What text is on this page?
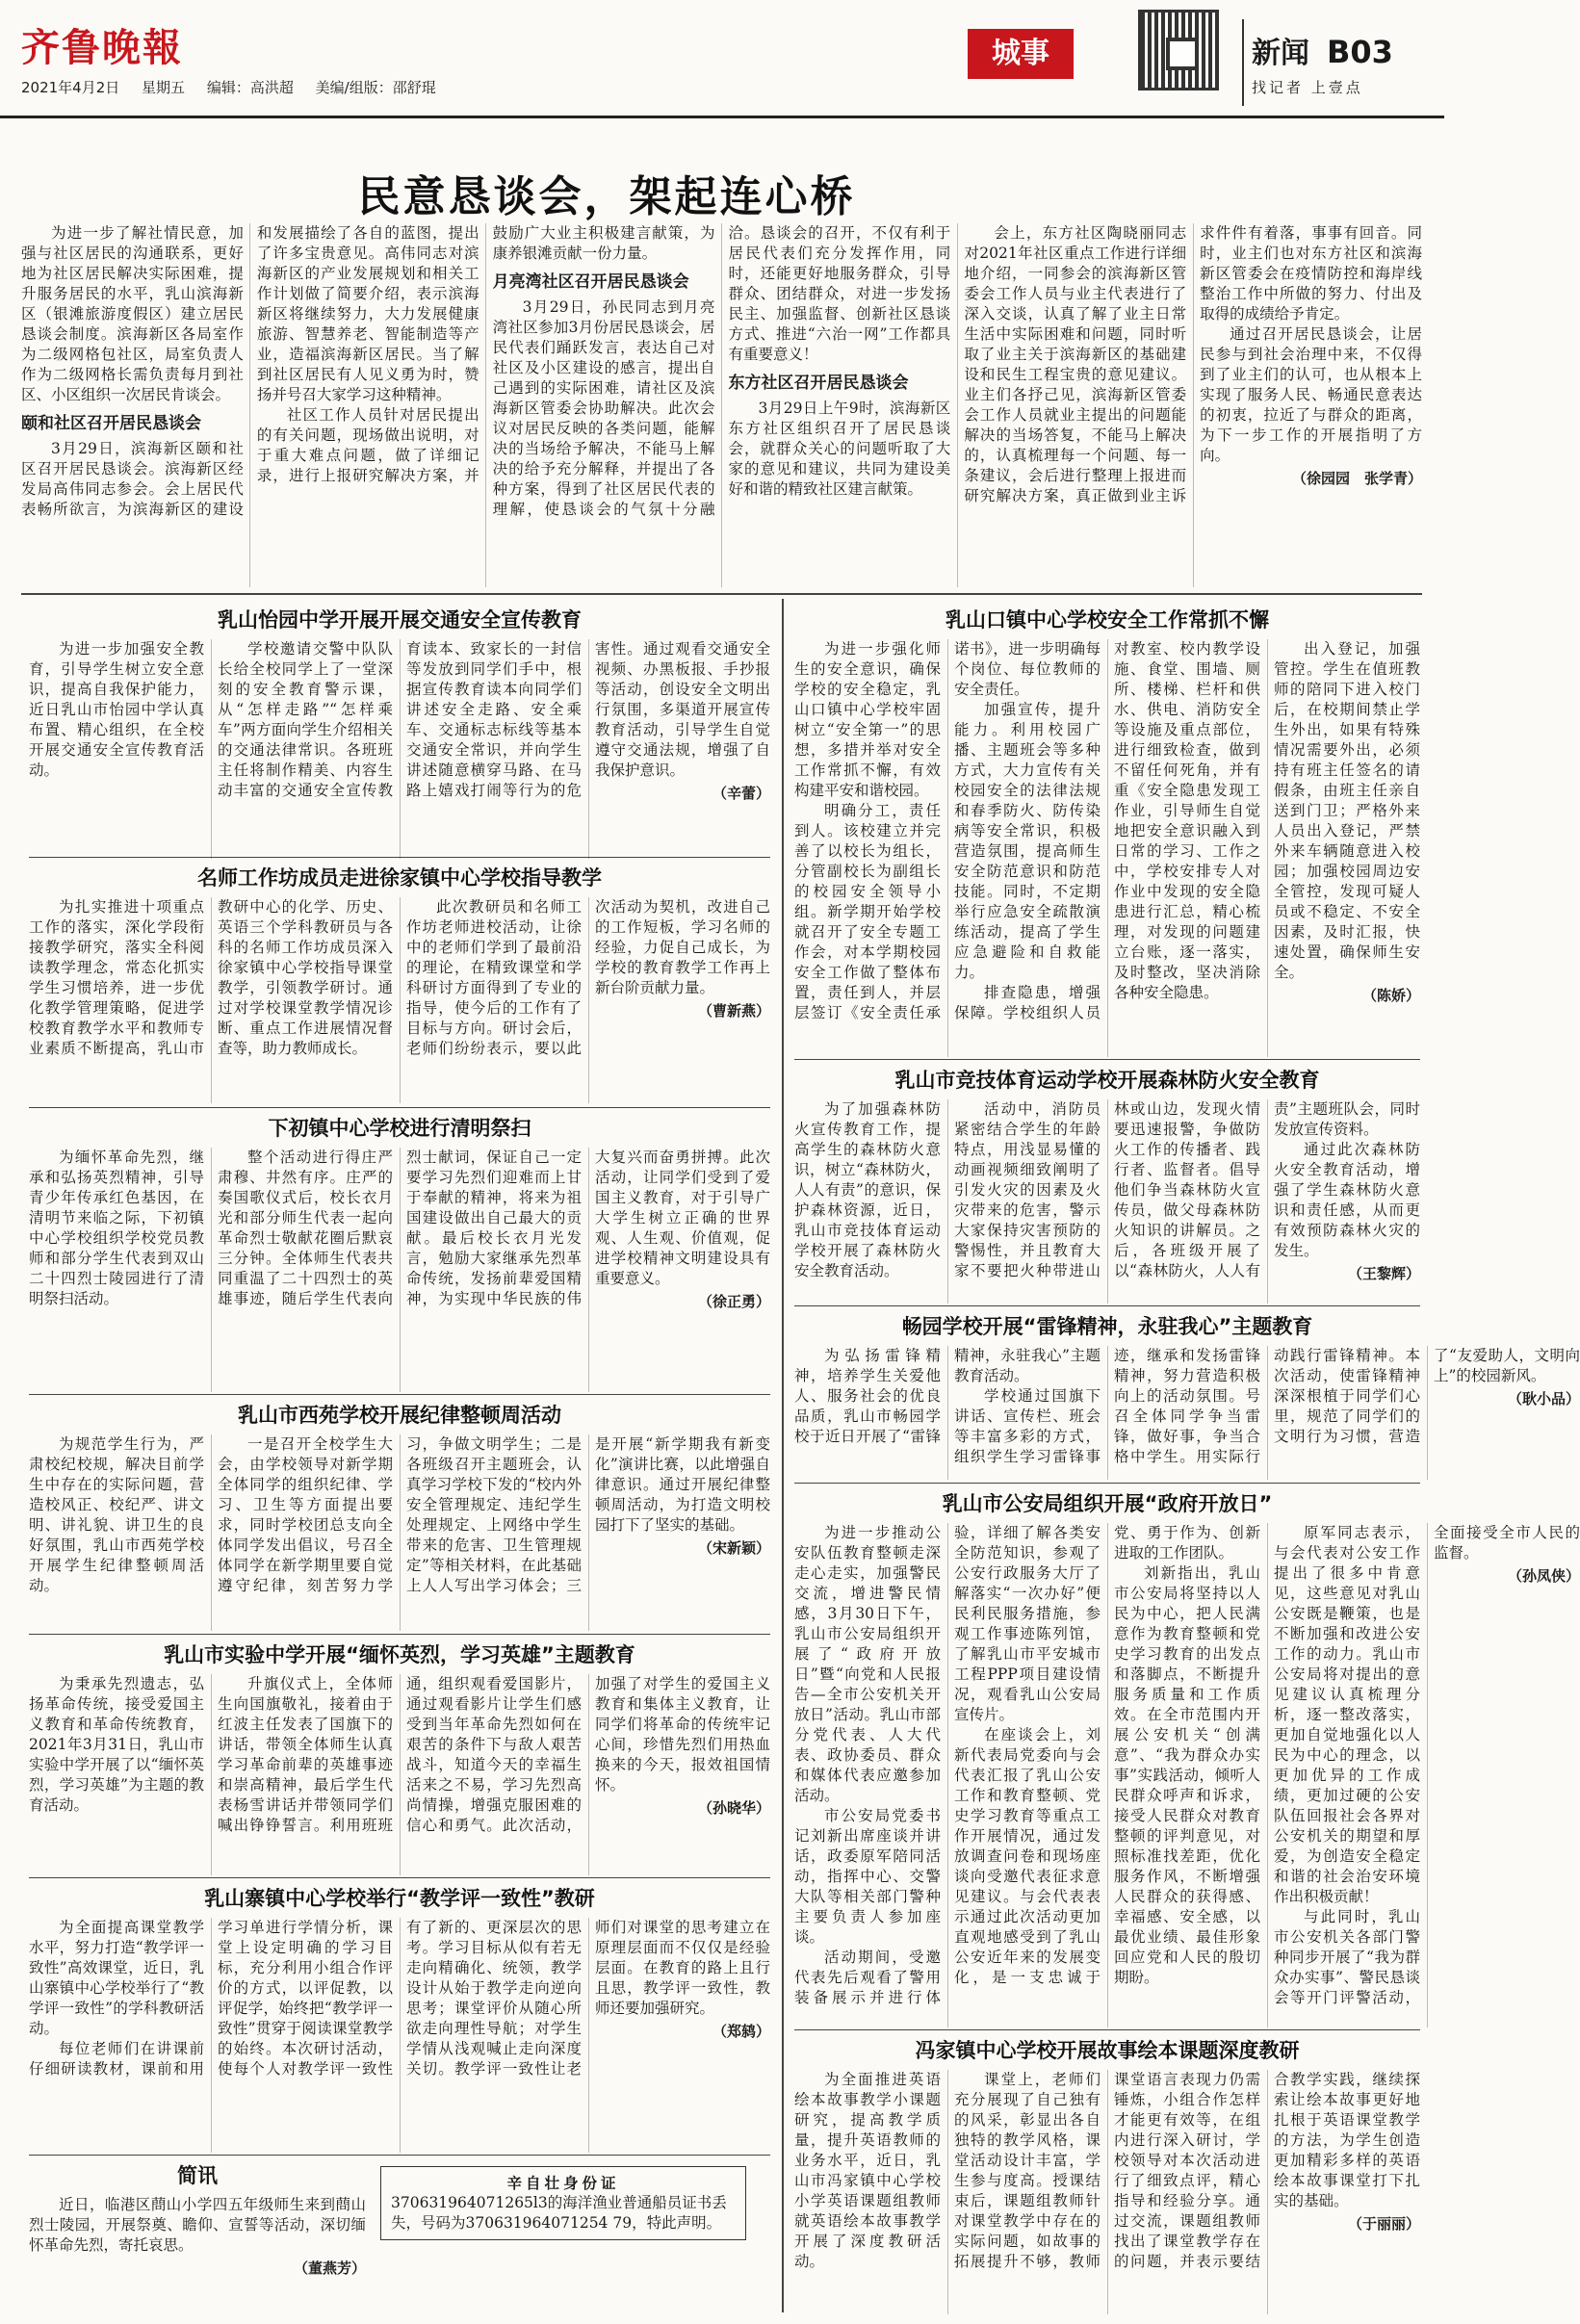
齐鲁晚報
2021年4月2日 星期五 编辑：高洪超 美编/组版：邵舒琨
城事	新闻 B03
找记者 上壹点
民意恳谈会，架起连心桥

为进一步了解社情民意，加强与社区居民的沟通联系，更好地为社区居民解决实际困难，提升服务居民的水平，乳山滨海新区（银滩旅游度假区）建立居民恳谈会制度。滨海新区各局室作为二级网格包社区，局室负责人作为二级网格长需负责每月到社区、小区组织一次居民肯谈会。

颐和社区召开居民恳谈会

3月29日，滨海新区颐和社区召开居民恳谈会。滨海新区经发局高伟同志参会。会上居民代表畅所欲言，为滨海新区的建设和发展描绘了各自的蓝图，提出了许多宝贵意见。高伟同志对滨海新区的产业发展规划和相关工作计划做了简要介绍，表示滨海新区将继续努力，大力发展健康旅游、智慧养老、智能制造等产业，造福滨海新区居民。当了解到社区居民有人见义勇为时，赞扬并号召大家学习这种精神。

社区工作人员针对居民提出的有关问题，现场做出说明，对于重大难点问题，做了详细记录，进行上报研究解决方案，并鼓励广大业主积极建言献策，为康养银滩贡献一份力量。

月亮湾社区召开居民恳谈会

3月29日，孙民同志到月亮湾社区参加3月份居民恳谈会，居民代表们踊跃发言，表达自己对社区及小区建设的感言，提出自己遇到的实际困难，请社区及滨海新区管委会协助解决。此次会议对居民反映的各类问题，能解决的当场给予解决，不能马上解决的给予充分解释，并提出了各种方案，得到了社区居民代表的理解，使恳谈会的气氛十分融洽。恳谈会的召开，不仅有利于居民代表们充分发挥作用，同时，还能更好地服务群众，引导群众、团结群众，对进一步发扬民主、加强监督、创新社区恳谈方式、推进“六治一网”工作都具有重要意义！

东方社区召开居民恳谈会

3月29日上午9时，滨海新区东方社区组织召开了居民恳谈会，就群众关心的问题听取了大家的意见和建议，共同为建设美好和谐的精致社区建言献策。

会上，东方社区陶晓丽同志对2021年社区重点工作进行详细地介绍，一同参会的滨海新区管委会工作人员与业主代表进行了深入交谈，认真了解了业主日常生活中实际困难和问题，同时听取了业主关于滨海新区的基础建设和民生工程宝贵的意见建议。业主们各抒己见，滨海新区管委会工作人员就业主提出的问题能解决的当场答复，不能马上解决的，认真梳理每一个问题、每一条建议，会后进行整理上报进而研究解决方案，真正做到业主诉求件件有着落，事事有回音。同时，业主们也对东方社区和滨海新区管委会在疫情防控和海岸线整治工作中所做的努力、付出及取得的成绩给予肯定。

通过召开居民恳谈会，让居民参与到社会治理中来，不仅得到了业主们的认可，也从根本上实现了服务人民、畅通民意表达的初衷，拉近了与群众的距离，为下一步工作的开展指明了方向。

（徐园园　张学青）
乳山怡园中学开展开展交通安全宣传教育

为进一步加强安全教育，引导学生树立安全意识，提高自我保护能力，近日乳山市怡园中学认真布置、精心组织，在全校开展交通安全宣传教育活动。

学校邀请交警中队队长给全校同学上了一堂深刻的安全教育警示课，从“怎样走路”“怎样乘车”两方面向学生介绍相关的交通法律常识。各班班主任将制作精美、内容生动丰富的交通安全宣传教育读本、致家长的一封信等发放到同学们手中，根据宣传教育读本向同学们讲述安全走路、安全乘车、交通标志标线等基本交通安全常识，并向学生讲述随意横穿马路、在马路上嬉戏打闹等行为的危害性。通过观看交通安全视频、办黑板报、手抄报等活动，创设安全文明出行氛围，多渠道开展宣传教育活动，引导学生自觉遵守交通法规，增强了自我保护意识。

（辛蕾）
名师工作坊成员走进徐家镇中心学校指导教学

为扎实推进十项重点工作的落实，深化学段衔接教学研究，落实全科阅读教学理念，常态化抓实学生习惯培养，进一步优化教学管理策略，促进学校教育教学水平和教师专业素质不断提高，乳山市教研中心的化学、历史、英语三个学科教研员与各科的名师工作坊成员深入徐家镇中心学校指导课堂教学，引领教学研讨。通过对学校课堂教学情况诊断、重点工作进展情况督查等，助力教师成长。

此次教研员和名师工作坊老师进校活动，让徐中的老师们学到了最前沿的理论，在精致课堂和学科研讨方面得到了专业的指导，使今后的工作有了目标与方向。研讨会后，老师们纷纷表示，要以此次活动为契机，改进自己的工作短板，学习名师的经验，力促自己成长，为学校的教育教学工作再上新台阶贡献力量。

（曹新燕）
下初镇中心学校进行清明祭扫

为缅怀革命先烈，继承和弘扬英烈精神，引导青少年传承红色基因，在清明节来临之际，下初镇中心学校组织学校党员教师和部分学生代表到双山二十四烈士陵园进行了清明祭扫活动。

整个活动进行得庄严肃穆、井然有序。庄严的奏国歌仪式后，校长衣月光和部分师生代表一起向革命烈士敬献花圈后默哀三分钟。全体师生代表共同重温了二十四烈士的英雄事迹，随后学生代表向烈士献词，保证自己一定要学习先烈们迎难而上甘于奉献的精神，将来为祖国建设做出自己最大的贡献。最后校长衣月光发言，勉励大家继承先烈革命传统，发扬前辈爱国精神，为实现中华民族的伟大复兴而奋勇拼搏。此次活动，让同学们受到了爱国主义教育，对于引导广大学生树立正确的世界观、人生观、价值观，促进学校精神文明建设具有重要意义。

（徐正勇）
乳山市西苑学校开展纪律整顿周活动

为规范学生行为，严肃校纪校规，解决目前学生中存在的实际问题，营造校风正、校纪严、讲文明、讲礼貌、讲卫生的良好氛围，乳山市西苑学校开展学生纪律整顿周活动。

一是召开全校学生大会，由学校领导对新学期全体同学的组织纪律、学习、卫生等方面提出要求，同时学校团总支向全体同学发出倡议，号召全体同学在新学期里要自觉遵守纪律，刻苦努力学习，争做文明学生；二是各班级召开主题班会，认真学习学校下发的“校内外安全管理规定、违纪学生处理规定、上网络中学生带来的危害、卫生管理规定”等相关材料，在此基础上人人写出学习体会；三是开展“新学期我有新变化”演讲比赛，以此增强自律意识。通过开展纪律整顿周活动，为打造文明校园打下了坚实的基础。

（宋新颖）
乳山市实验中学开展“缅怀英烈，学习英雄”主题教育

为秉承先烈遗志，弘扬革命传统，接受爱国主义教育和革命传统教育，2021年3月31日，乳山市实验中学开展了以“缅怀英烈，学习英雄”为主题的教育活动。

升旗仪式上，全体师生向国旗敬礼，接着由于红波主任发表了国旗下的讲话，带领全体师生认真学习革命前辈的英雄事迹和崇高精神，最后学生代表杨雪讲话并带领同学们喊出铮铮誓言。利用班班通，组织观看爱国影片，通过观看影片让学生们感受到当年革命先烈如何在艰苦的条件下与敌人艰苦战斗，知道今天的幸福生活来之不易，学习先烈高尚情操，增强克服困难的信心和勇气。此次活动，加强了对学生的爱国主义教育和集体主义教育，让同学们将革命的传统牢记心间，珍惜先烈们用热血换来的今天，报效祖国情怀。

（孙晓华）
乳山寨镇中心学校举行“教学评一致性”教研

为全面提高课堂教学水平，努力打造“教学评一致性”高效课堂，近日，乳山寨镇中心学校举行了“教学评一致性”的学科教研活动。

每位老师们在讲课前仔细研读教材，课前和用学习单进行学情分析，课堂上设定明确的学习目标，充分利用小组合作评价的方式，以评促教，以评促学，始终把“教学评一致性”贯穿于阅读课堂教学的始终。本次研讨活动，使每个人对教学评一致性有了新的、更深层次的思考。学习目标从似有若无走向精确化、统领，教学设计从始于教学走向逆向思考；课堂评价从随心所欲走向理性导航；对学生学情从浅观喊止走向深度关切。教学评一致性让老师们对课堂的思考建立在原理层面而不仅仅是经验层面。在教育的路上且行且思，教学评一致性，教师还要加强研究。

（郑鸫）
简讯
近日，临港区蔄山小学四五年级师生来到蔄山烈士陵园，开展祭奠、瞻仰、宣誓等活动，深切缅怀革命先烈，寄托哀思。
（董燕芳）
辛自壮身份证
370631964071265l3的海洋渔业普通船员证书丢失，号码为370631964071254 79，特此声明。
乳山口镇中心学校安全工作常抓不懈

为进一步强化师生的安全意识，确保学校的安全稳定，乳山口镇中心学校牢固树立“安全第一”的思想，多措并举对安全工作常抓不懈，有效构建平安和谐校园。

明确分工，责任到人。该校建立并完善了以校长为组长，分管副校长为副组长的校园安全领导小组。新学期开始学校就召开了安全专题工作会，对本学期校园安全工作做了整体布置，责任到人，并层层签订《安全责任承诺书》，进一步明确每个岗位、每位教师的安全责任。

加强宣传，提升能力。利用校园广播、主题班会等多种方式，大力宣传有关校园安全的法律法规和春季防火、防传染病等安全常识，积极营造氛围，提高师生安全防范意识和防范技能。同时，不定期举行应急安全疏散演练活动，提高了学生应急避险和自救能力。

排查隐患，增强保障。学校组织人员对教室、校内教学设施、食堂、围墙、厕所、楼梯、栏杆和供水、供电、消防安全等设施及重点部位，进行细致检查，做到不留任何死角，并有重《安全隐患发现工作业，引导师生自觉地把安全意识融入到日常的学习、工作之中，学校安排专人对作业中发现的安全隐患进行汇总，精心梳理，对发现的问题建立台账，逐一落实，及时整改，坚决消除各种安全隐患。

出入登记，加强管控。学生在值班教师的陪同下进入校门后，在校期间禁止学生外出，如果有特殊情况需要外出，必须持有班主任签名的请假条，由班主任亲自送到门卫；严格外来人员出入登记，严禁外来车辆随意进入校园；加强校园周边安全管控，发现可疑人员或不稳定、不安全因素，及时汇报，快速处置，确保师生安全。

（陈娇）
乳山市竞技体育运动学校开展森林防火安全教育

为了加强森林防火宣传教育工作，提高学生的森林防火意识，树立“森林防火，人人有责”的意识，保护森林资源，近日，乳山市竞技体育运动学校开展了森林防火安全教育活动。

活动中，消防员紧密结合学生的年龄特点，用浅显易懂的动画视频细致阐明了引发火灾的因素及火灾带来的危害，警示大家保持灾害预防的警惕性，并且教育大家不要把火种带进山林或山边，发现火情要迅速报警，争做防火工作的传播者、践行者、监督者。倡导他们争当森林防火宣传员，做父母森林防火知识的讲解员。之后，各班级开展了以“森林防火，人人有责”主题班队会，同时发放宣传资料。

通过此次森林防火安全教育活动，增强了学生森林防火意识和责任感，从而更有效预防森林火灾的发生。

（王黎辉）
畅园学校开展“雷锋精神，永驻我心”主题教育

为弘扬雷锋精神，培养学生关爱他人、服务社会的优良品质，乳山市畅园学校于近日开展了“雷锋精神，永驻我心”主题教育活动。

学校通过国旗下讲话、宣传栏、班会等丰富多彩的方式，组织学生学习雷锋事迹，继承和发扬雷锋精神，努力营造积极向上的活动氛围。号召全体同学争当雷锋，做好事，争当合格中学生。用实际行动践行雷锋精神。本次活动，使雷锋精神深深根植于同学们心里，规范了同学们的文明行为习惯，营造了“友爱助人，文明向上”的校园新风。

（耿小品）
乳山市公安局组织开展“政府开放日”

为进一步推动公安队伍教育整顿走深走心走实，加强警民交流，增进警民情感，3月30日下午，乳山市公安局组织开展了“政府开放日”暨“向党和人民报告—全市公安机关开放日”活动。乳山市部分党代表、人大代表、政协委员、群众和媒体代表应邀参加活动。

市公安局党委书记刘新出席座谈并讲话，政委原军陪同活动，指挥中心、交警大队等相关部门警种主要负责人参加座谈。

活动期间，受邀代表先后观看了警用装备展示并进行体验，详细了解各类安全防范知识，参观了公安行政服务大厅了解落实“一次办好”便民利民服务措施，参观工作事迹陈列馆，了解乳山市平安城市工程PPP项目建设情况，观看乳山公安局宣传片。

在座谈会上，刘新代表局党委向与会代表汇报了乳山公安工作和教育整顿、党史学习教育等重点工作开展情况，通过发放调查问卷和现场座谈向受邀代表征求意见建议。与会代表表示通过此次活动更加直观地感受到了乳山公安近年来的发展变化，是一支忠诚于党、勇于作为、创新进取的工作团队。

刘新指出，乳山市公安局将坚持以人民为中心，把人民满意作为教育整顿和党史学习教育的出发点和落脚点，不断提升服务质量和工作质效。在全市范围内开展公安机关“创满意”、“我为群众办实事”实践活动，倾听人民群众呼声和诉求，接受人民群众对教育整顿的评判意见，对照标准找差距，优化服务作风，不断增强人民群众的获得感、幸福感、安全感，以最优业绩、最佳形象回应党和人民的殷切期盼。

原军同志表示，与会代表对公安工作提出了很多中肯意见，这些意见对乳山公安既是鞭策，也是不断加强和改进公安工作的动力。乳山市公安局将对提出的意见建议认真梳理分析，逐一整改落实，更加自觉地强化以人民为中心的理念，以更加优异的工作成绩，更加过硬的公安队伍回报社会各界对公安机关的期望和厚爱，为创造安全稳定和谐的社会治安环境作出积极贡献！

与此同时，乳山市公安机关各部门警种同步开展了“我为群众办实事”、警民恳谈会等开门评警活动，全面接受全市人民的监督。

（孙凤侠）
冯家镇中心学校开展故事绘本课题深度教研

为全面推进英语绘本故事教学小课题研究，提高教学质量，提升英语教师的业务水平，近日，乳山市冯家镇中心学校小学英语课题组教师就英语绘本故事教学开展了深度教研活动。

课堂上，老师们充分展现了自己独有的风采，彰显出各自独特的教学风格，课堂活动设计丰富，学生参与度高。授课结束后，课题组教师针对课堂教学中存在的实际问题，如故事的拓展提升不够，教师课堂语言表现力仍需锤炼，小组合作怎样才能更有效等，在组内进行深入研讨，学校领导对本次活动进行了细致点评，精心指导和经验分享。通过交流，课题组教师找出了课堂教学存在的问题，并表示要结合教学实践，继续探索让绘本故事更好地扎根于英语课堂教学的方法，为学生创造更加精彩多样的英语绘本故事课堂打下扎实的基础。

（于丽丽）
